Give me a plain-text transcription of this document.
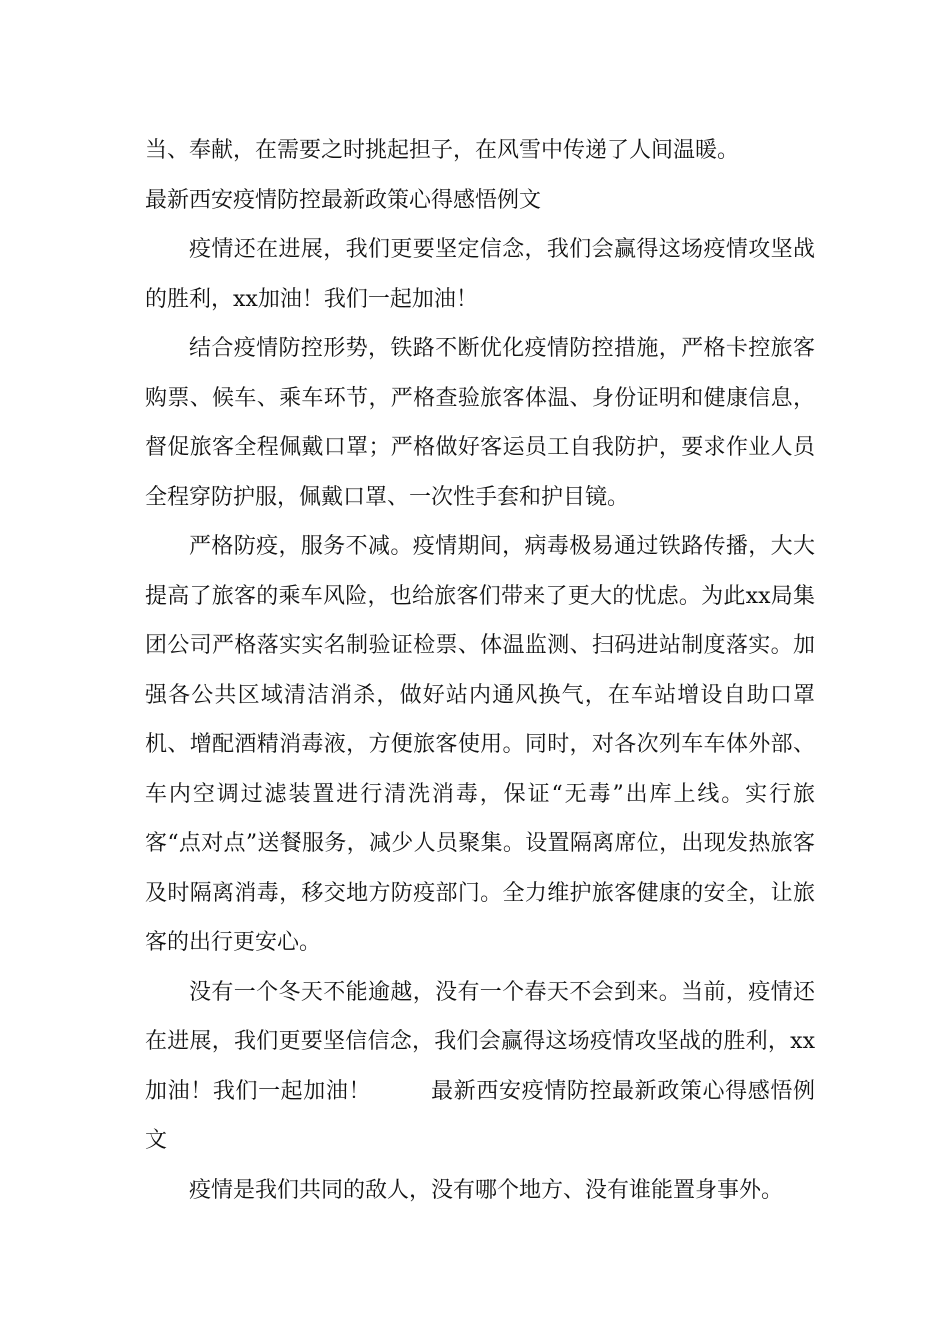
当、奉献，在需要之时挑起担子，在风雪中传递了人间温暖。

最新西安疫情防控最新政策心得感悟例文

疫情还在进展，我们更要坚定信念，我们会赢得这场疫情攻坚战的胜利，xx加油！我们一起加油！

结合疫情防控形势，铁路不断优化疫情防控措施，严格卡控旅客购票、候车、乘车环节，严格查验旅客体温、身份证明和健康信息，督促旅客全程佩戴口罩；严格做好客运员工自我防护，要求作业人员全程穿防护服，佩戴口罩、一次性手套和护目镜。

严格防疫，服务不减。疫情期间，病毒极易通过铁路传播，大大提高了旅客的乘车风险，也给旅客们带来了更大的忧虑。为此xx局集团公司严格落实实名制验证检票、体温监测、扫码进站制度落实。加强各公共区域清洁消杀，做好站内通风换气，在车站增设自助口罩机、增配酒精消毒液，方便旅客使用。同时，对各次列车车体外部、车内空调过滤装置进行清洗消毒，保证“无毒”出库上线。实行旅客“点对点”送餐服务，减少人员聚集。设置隔离席位，出现发热旅客及时隔离消毒，移交地方防疫部门。全力维护旅客健康的安全，让旅客的出行更安心。

没有一个冬天不能逾越，没有一个春天不会到来。当前，疫情还在进展，我们更要坚信信念，我们会赢得这场疫情攻坚战的胜利，xx加油！我们一起加油！	最新西安疫情防控最新政策心得感悟例文

疫情是我们共同的敌人，没有哪个地方、没有谁能置身事外。
